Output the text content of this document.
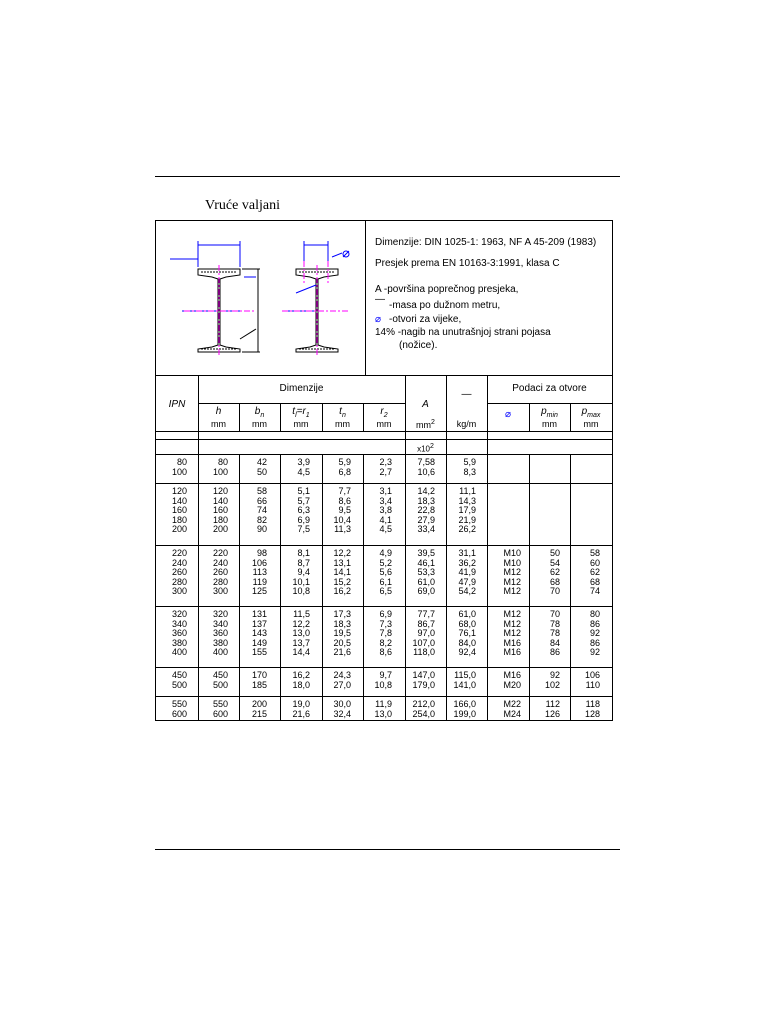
Vruće valjani
Dimenzije: DIN 1025-1: 1963, NF A 45-209 (1983)
Presjek prema EN 10163-3:1991, klasa C
A -površina poprečnog presjeka,
—
-masa po dužnom metru,
⌀ -otvori za vijeke,
14% -nagib na unutrašnjoj strani pojasa
(nožice).
IPN
Dimenzije	Podaci za otvore
h
mm
$b_n$
mm
$t_l=r_1$
mm
$t_n$
mm
$r_2$
mm
A
$mm^2$
—
kg/m
⌀	$p_{min}$
mm
$p_{max}$
mm
$x10^2$
80
100
80
100
42
50
3,9
4,5
5,9
6,8
2,3
2,7
7,58
10,6
5,9
8,3
120
140
160
180
200
120
140
160
180
200
58
66
74
82
90
5,1
5,7
6,3
6,9
7,5
7,7
8,6
9,5
10,4
11,3
3,1
3,4
3,8
4,1
4,5
14,2
18,3
22,8
27,9
33,4
11,1
14,3
17,9
21,9
26,2
220
240
260
280
300
220
240
260
280
300
98
106
113
119
125
8,1
8,7
9,4
10,1
10,8
12,2
13,1
14,1
15,2
16,2
4,9
5,2
5,6
6,1
6,5
39,5
46,1
53,3
61,0
69,0
31,1
36,2
41,9
47,9
54,2
M10
M10
M12
M12
M12
50
54
62
68
70
58
60
62
68
74
320
340
360
380
400
320
340
360
380
400
131
137
143
149
155
11,5
12,2
13,0
13,7
14,4
17,3
18,3
19,5
20,5
21,6
6,9
7,3
7,8
8,2
8,6
77,7
86,7
97,0
107,0
118,0
61,0
68,0
76,1
84,0
92,4
M12
M12
M12
M16
M16
70
78
78
84
86
80
86
92
86
92
450
500
450
500
170
185
16,2
18,0
24,3
27,0
9,7
10,8
147,0
179,0
115,0
141,0
M16
M20
92
102
106
110
550
600
550
600
200
215
19,0
21,6
30,0
32,4
11,9
13,0
212,0
254,0
166,0
199,0
M22
M24
112
126
118
128
